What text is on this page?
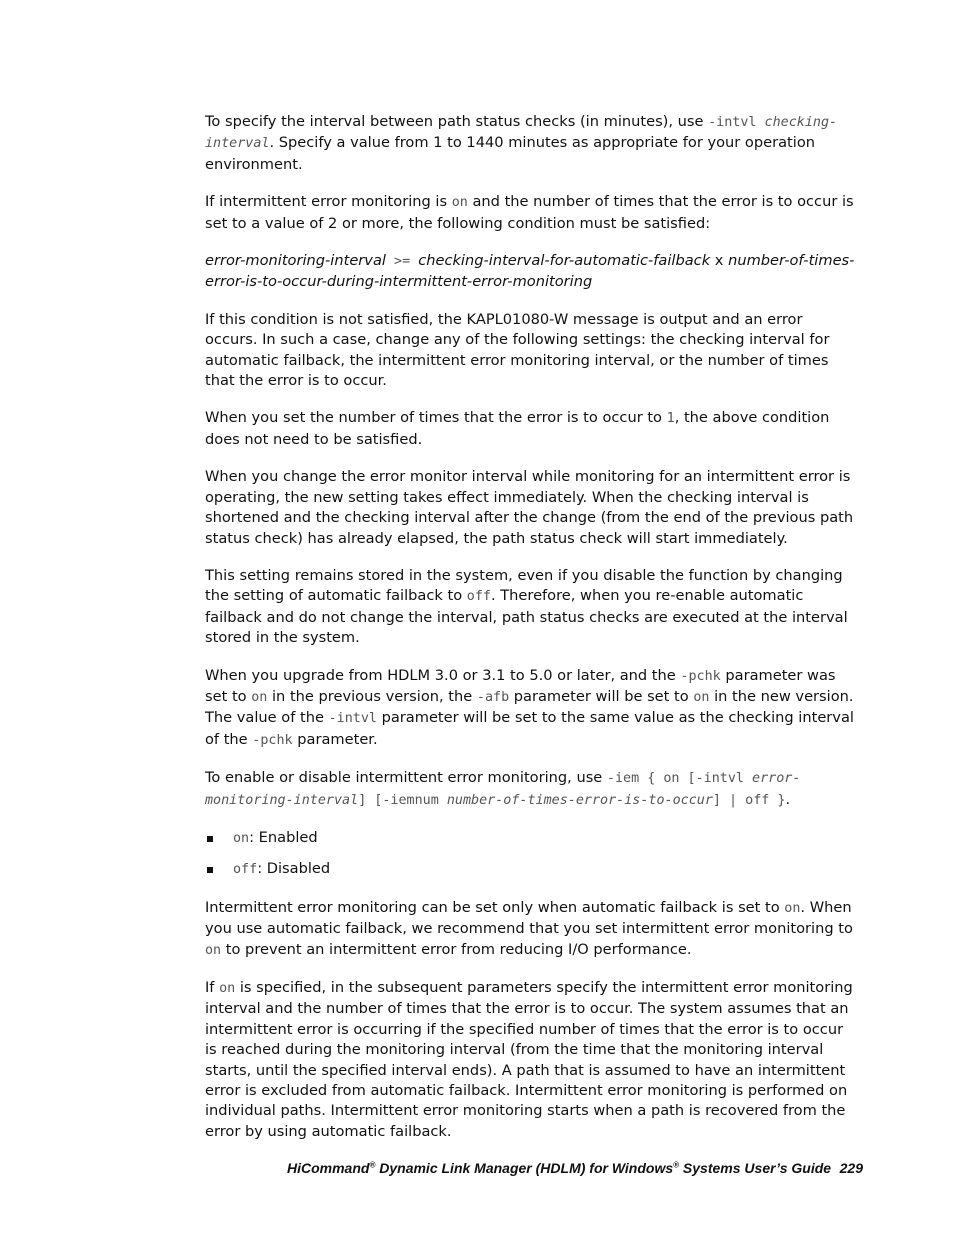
To specify the interval between path status checks (in minutes), use -intvl checking-interval. Specify a value from 1 to 1440 minutes as appropriate for your operation environment.

If intermittent error monitoring is on and the number of times that the error is to occur is set to a value of 2 or more, the following condition must be satisfied:

error-monitoring-interval >= checking-interval-for-automatic-failback x number-of-times-error-is-to-occur-during-intermittent-error-monitoring

If this condition is not satisfied, the KAPL01080-W message is output and an error occurs. In such a case, change any of the following settings: the checking interval for automatic failback, the intermittent error monitoring interval, or the number of times that the error is to occur.

When you set the number of times that the error is to occur to 1, the above condition does not need to be satisfied.

When you change the error monitor interval while monitoring for an intermittent error is operating, the new setting takes effect immediately. When the checking interval is shortened and the checking interval after the change (from the end of the previous path status check) has already elapsed, the path status check will start immediately.

This setting remains stored in the system, even if you disable the function by changing the setting of automatic failback to off. Therefore, when you re-enable automatic failback and do not change the interval, path status checks are executed at the interval stored in the system.

When you upgrade from HDLM 3.0 or 3.1 to 5.0 or later, and the -pchk parameter was set to on in the previous version, the -afb parameter will be set to on in the new version. The value of the -intvl parameter will be set to the same value as the checking interval of the -pchk parameter.

To enable or disable intermittent error monitoring, use -iem { on [-intvl error-monitoring-interval] [-iemnum number-of-times-error-is-to-occur] | off }.

on: Enabled
off: Disabled

Intermittent error monitoring can be set only when automatic failback is set to on. When you use automatic failback, we recommend that you set intermittent error monitoring to on to prevent an intermittent error from reducing I/O performance.

If on is specified, in the subsequent parameters specify the intermittent error monitoring interval and the number of times that the error is to occur. The system assumes that an intermittent error is occurring if the specified number of times that the error is to occur is reached during the monitoring interval (from the time that the monitoring interval starts, until the specified interval ends). A path that is assumed to have an intermittent error is excluded from automatic failback. Intermittent error monitoring is performed on individual paths. Intermittent error monitoring starts when a path is recovered from the error by using automatic failback.

HiCommand® Dynamic Link Manager (HDLM) for Windows® Systems User’s Guide 229
